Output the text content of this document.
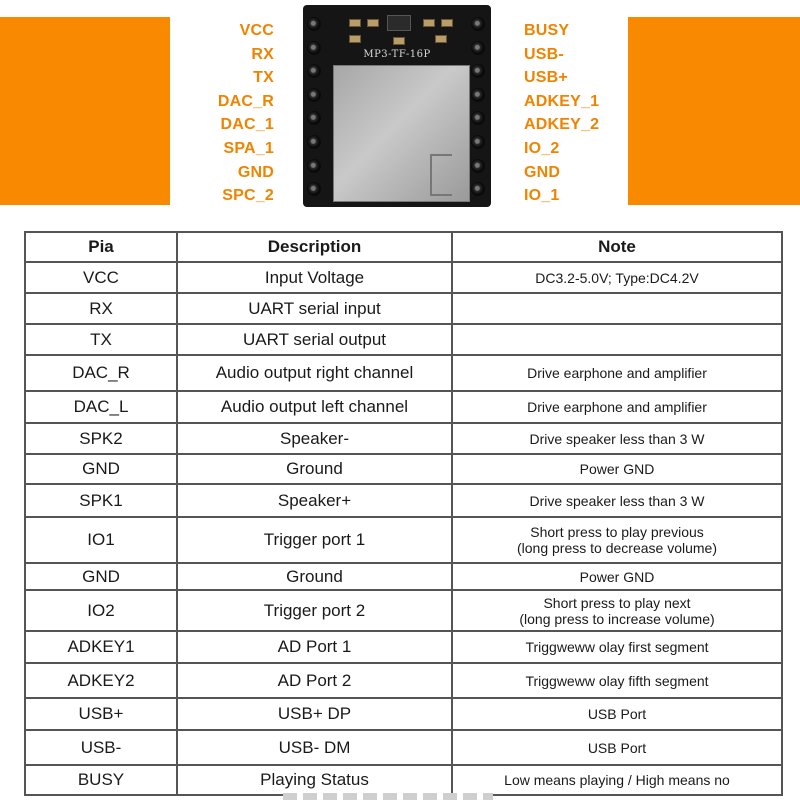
VCC
RX
TX
DAC_R
DAC_1
SPA_1
GND
SPC_2
BUSY
USB-
USB+
ADKEY_1
ADKEY_2
IO_2
GND
IO_1
MP3-TF-16P
Pia	Description	Note
VCC	Input Voltage	DC3.2-5.0V; Type:DC4.2V
RX	UART serial input	
TX	UART serial output	
DAC_R	Audio output right channel	Drive earphone and amplifier
DAC_L	Audio output left channel	Drive earphone and amplifier
SPK2	Speaker-	Drive speaker less than 3 W
GND	Ground	Power GND
SPK1	Speaker+	Drive speaker less than 3 W
IO1	Trigger port 1	Short press to play previous
(long press to decrease volume)

GND	Ground	Power GND
IO2	Trigger port 2	Short press to play next
(long press to increase volume)

ADKEY1	AD Port 1	Triggweww olay first segment
ADKEY2	AD Port 2	Triggweww olay fifth segment
USB+	USB+ DP	USB Port
USB-	USB- DM	USB Port
BUSY	Playing Status	Low means playing / High means no
